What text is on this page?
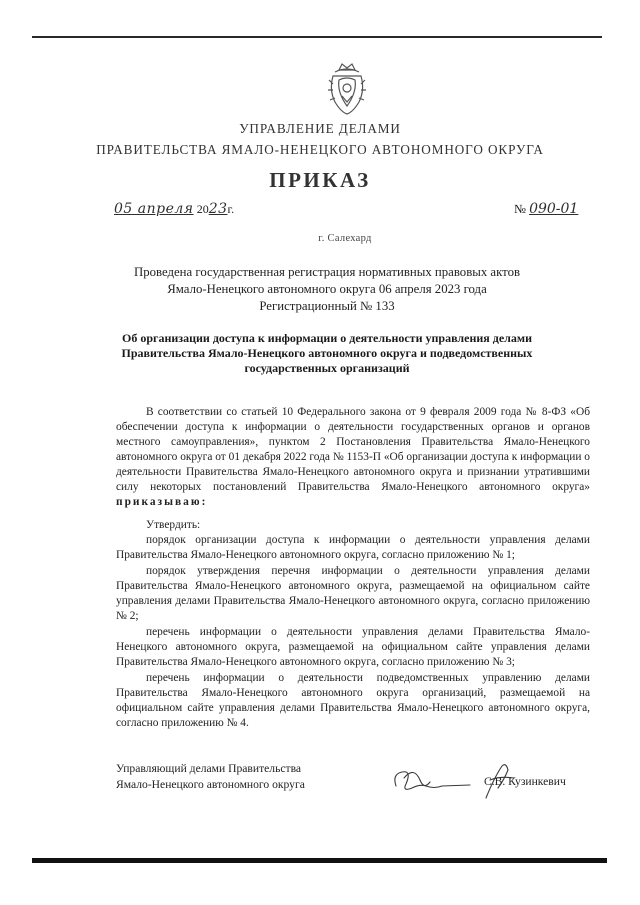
УПРАВЛЕНИЕ ДЕЛАМИ
ПРАВИТЕЛЬСТВА ЯМАЛО-НЕНЕЦКОГО АВТОНОМНОГО ОКРУГА
ПРИКАЗ
05 апреля 2023г.	№ 090-01
г. Салехард
Проведена государственная регистрация нормативных правовых актов
Ямало-Ненецкого автономного округа 06 апреля 2023 года
Регистрационный № 133
Об организации доступа к информации о деятельности управления делами
Правительства Ямало-Ненецкого автономного округа и подведомственных
государственных организаций

В соответствии со статьей 10 Федерального закона от 9 февраля 2009 года № 8-ФЗ «Об обеспечении доступа к информации о деятельности государственных органов и органов местного самоуправления», пунктом 2 Постановления Правительства Ямало-Ненецкого автономного округа от 01 декабря 2022 года № 1153-П «Об организации доступа к информации о деятельности Правительства Ямало-Ненецкого автономного округа и признании утратившими силу некоторых постановлений Правительства Ямало-Ненецкого автономного округа» приказываю:

Утвердить:

порядок организации доступа к информации о деятельности управления делами Правительства Ямало-Ненецкого автономного округа, согласно приложению № 1;

порядок утверждения перечня информации о деятельности управления делами Правительства Ямало-Ненецкого автономного округа, размещаемой на официальном сайте управления делами Правительства Ямало-Ненецкого автономного округа, согласно приложению № 2;

перечень информации о деятельности управления делами Правительства Ямало-Ненецкого автономного округа, размещаемой на официальном сайте управления делами Правительства Ямало-Ненецкого автономного округа, согласно приложению № 3;

перечень информации о деятельности подведомственных управлению делами Правительства Ямало-Ненецкого автономного округа организаций, размещаемой на официальном сайте управления делами Правительства Ямало-Ненецкого автономного округа, согласно приложению № 4.

Управляющий делами Правительства
Ямало-Ненецкого автономного округа	С.В. Кузинкевич
